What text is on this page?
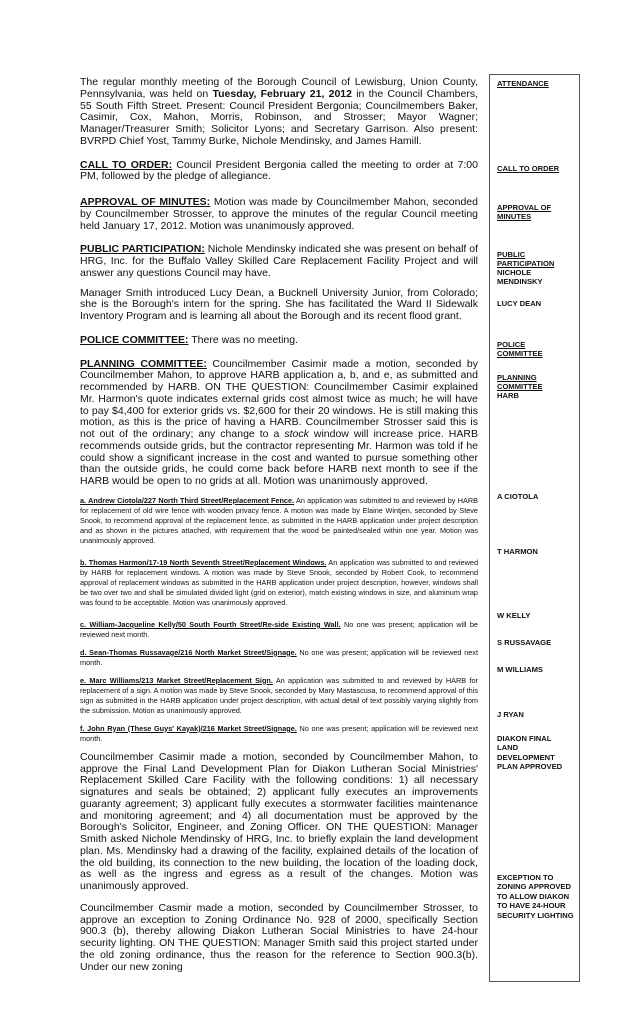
The regular monthly meeting of the Borough Council of Lewisburg, Union County, Pennsylvania, was held on Tuesday, February 21, 2012 in the Council Chambers, 55 South Fifth Street. Present: Council President Bergonia; Councilmembers Baker, Casimir, Cox, Mahon, Morris, Robinson, and Strosser; Mayor Wagner; Manager/Treasurer Smith; Solicitor Lyons; and Secretary Garrison. Also present: BVRPD Chief Yost, Tammy Burke, Nichole Mendinsky, and James Hamill.

CALL TO ORDER: Council President Bergonia called the meeting to order at 7:00 PM, followed by the pledge of allegiance.

APPROVAL OF MINUTES: Motion was made by Councilmember Mahon, seconded by Councilmember Strosser, to approve the minutes of the regular Council meeting held January 17, 2012. Motion was unanimously approved.

PUBLIC PARTICIPATION: Nichole Mendinsky indicated she was present on behalf of HRG, Inc. for the Buffalo Valley Skilled Care Replacement Facility Project and will answer any questions Council may have.

Manager Smith introduced Lucy Dean, a Bucknell University Junior, from Colorado; she is the Borough's intern for the spring. She has facilitated the Ward II Sidewalk Inventory Program and is learning all about the Borough and its recent flood grant.

POLICE COMMITTEE: There was no meeting.

PLANNING COMMITTEE: Councilmember Casimir made a motion, seconded by Councilmember Mahon, to approve HARB application a, b, and e, as submitted and recommended by HARB. ON THE QUESTION: Councilmember Casimir explained Mr. Harmon's quote indicates external grids cost almost twice as much; he will have to pay $4,400 for exterior grids vs. $2,600 for their 20 windows. He is still making this motion, as this is the price of having a HARB. Councilmember Strosser said this is not out of the ordinary; any change to a stock window will increase price. HARB recommends outside grids, but the contractor representing Mr. Harmon was told if he could show a significant increase in the cost and wanted to pursue something other than the outside grids, he could come back before HARB next month to see if the HARB would be open to no grids at all. Motion was unanimously approved.

a. Andrew Ciotola/227 North Third Street/Replacement Fence. An application was submitted to and reviewed by HARB for replacement of old wire fence with wooden privacy fence. A motion was made by Elaine Wintjen, seconded by Steve Snook, to recommend approval of the replacement fence, as submitted in the HARB application under project description and as shown in the pictures attached, with requirement that the wood be painted/sealed within one year. Motion was unanimously approved.

b. Thomas Harmon/17-19 North Seventh Street/Replacement Windows. An application was submitted to and reviewed by HARB for replacement windows. A motion was made by Steve Snook, seconded by Robert Cook, to recommend approval of replacement windows as submitted in the HARB application under project description, however, windows shall be two over two and shall be simulated divided light (grid on exterior), match existing windows in size, and aluminum wrap was found to be acceptable. Motion was unanimously approved.

c. William-Jacqueline Kelly/50 South Fourth Street/Re-side Existing Wall. No one was present; application will be reviewed next month.

d. Sean-Thomas Russavage/216 North Market Street/Signage. No one was present; application will be reviewed next month.

e. Marc Williams/213 Market Street/Replacement Sign. An application was submitted to and reviewed by HARB for replacement of a sign. A motion was made by Steve Snook, seconded by Mary Mastascusa, to recommend approval of this sign as submitted in the HARB application under project description, with actual detail of text possibly varying slightly from the submission. Motion as unanimously approved.

f. John Ryan (These Guys' Kayak)/216 Market Street/Signage. No one was present; application will be reviewed next month.

Councilmember Casimir made a motion, seconded by Councilmember Mahon, to approve the Final Land Development Plan for Diakon Lutheran Social Ministries' Replacement Skilled Care Facility with the following conditions: 1) all necessary signatures and seals be obtained; 2) applicant fully executes an improvements guaranty agreement; 3) applicant fully executes a stormwater facilities maintenance and monitoring agreement; and 4) all documentation must be approved by the Borough's Solicitor, Engineer, and Zoning Officer. ON THE QUESTION: Manager Smith asked Nichole Mendinsky of HRG, Inc. to briefly explain the land development plan. Ms. Mendinsky had a drawing of the facility, explained details of the location of the old building, its connection to the new building, the location of the loading dock, as well as the ingress and egress as a result of the changes. Motion was unanimously approved.

Councilmember Casmir made a motion, seconded by Councilmember Strosser, to approve an exception to Zoning Ordinance No. 928 of 2000, specifically Section 900.3 (b), thereby allowing Diakon Lutheran Social Ministries to have 24-hour security lighting. ON THE QUESTION: Manager Smith said this project started under the old zoning ordinance, thus the reason for the reference to Section 900.3(b). Under our new zoning

ATTENDANCE
CALL TO ORDER
APPROVAL OF
MINUTES
PUBLIC
PARTICIPATION
NICHOLE MENDINSKY
LUCY DEAN
POLICE
COMMITTEE
PLANNING
COMMITTEE
HARB
A CIOTOLA
T HARMON
W KELLY
S RUSSAVAGE
M WILLIAMS
J RYAN
DIAKON FINAL LAND DEVELOPMENT PLAN APPROVED
EXCEPTION TO ZONING APPROVED TO ALLOW DIAKON TO HAVE 24-HOUR SECURITY LIGHTING
